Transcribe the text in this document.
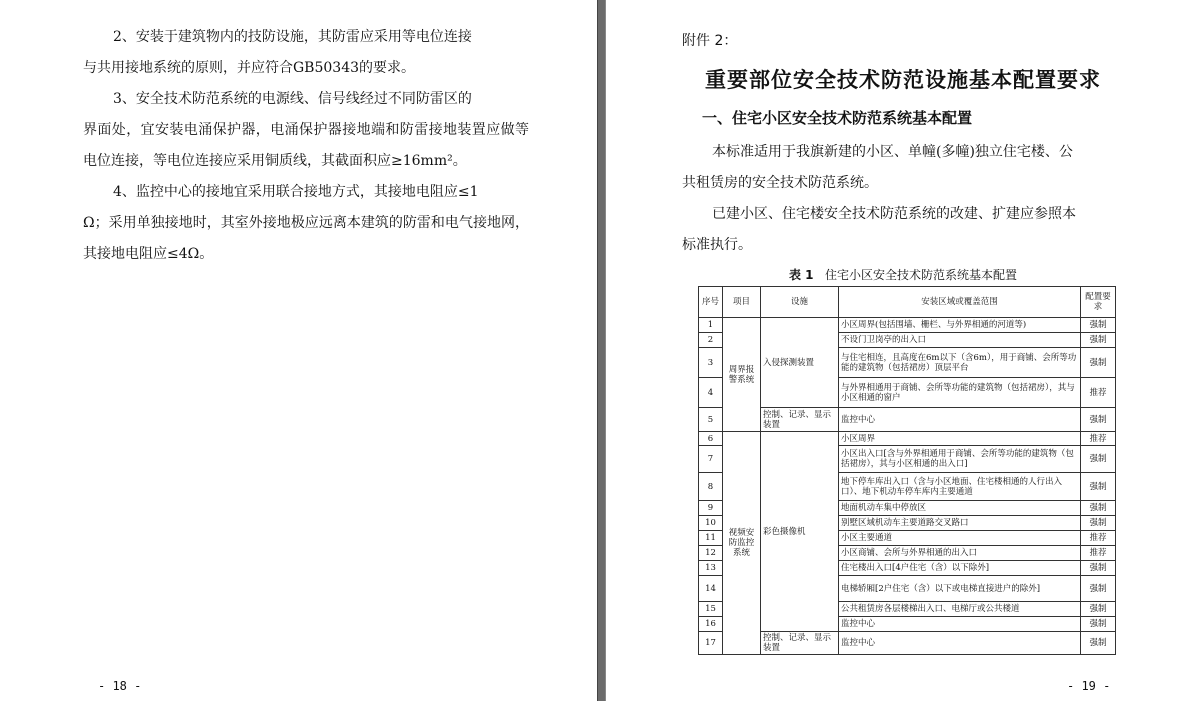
2、安装于建筑物内的技防设施，其防雷应采用等电位连接
与共用接地系统的原则，并应符合GB50343的要求。

3、安全技术防范系统的电源线、信号线经过不同防雷区的
界面处，宜安装电涌保护器，电涌保护器接地端和防雷接地装置应做等电位连接，等电位连接应采用铜质线，其截面积应≥16mm²。

4、监控中心的接地宜采用联合接地方式，其接地电阻应≤1
Ω；采用单独接地时，其室外接地极应远离本建筑的防雷和电气接地网，其接地电阻应≤4Ω。

- 18 -
附件 2：
重要部位安全技术防范设施基本配置要求
一、住宅小区安全技术防范系统基本配置

本标准适用于我旗新建的小区、单幢(多幢)独立住宅楼、公
共租赁房的安全技术防范系统。

已建小区、住宅楼安全技术防范系统的改建、扩建应参照本
标准执行。

表 1 住宅小区安全技术防范系统基本配置
序号	项目	设施	安装区域或覆盖范围	配置要求
1	周界报警系统	入侵探测装置	小区周界(包括围墙、栅栏、与外界相通的河道等)	强制
2			不设门卫岗亭的出入口	强制
3			与住宅相连，且高度在6m以下（含6m），用于商铺、会所等功能的建筑物（包括裙房）顶层平台	强制
4			与外界相通用于商铺、会所等功能的建筑物（包括裙房），其与小区相通的窗户	推荐
5		控制、记录、显示装置	监控中心	强制
6	视频安防监控系统	彩色摄像机	小区周界	推荐
7			小区出入口[含与外界相通用于商铺、会所等功能的建筑物（包括裙房），其与小区相通的出入口]	强制
8			地下停车库出入口（含与小区地面、住宅楼相通的人行出入口）、地下机动车停车库内主要通道	强制
9			地面机动车集中停放区	强制
10			别墅区域机动车主要道路交叉路口	强制
11			小区主要通道	推荐
12			小区商铺、会所与外界相通的出入口	推荐
13			住宅楼出入口[4户住宅（含）以下除外]	强制
14			电梯轿厢[2户住宅（含）以下或电梯直接进户的除外]	强制
15			公共租赁房各层楼梯出入口、电梯厅或公共楼道	强制
16			监控中心	强制
17		控制、记录、显示装置	监控中心	强制
- 19 -
